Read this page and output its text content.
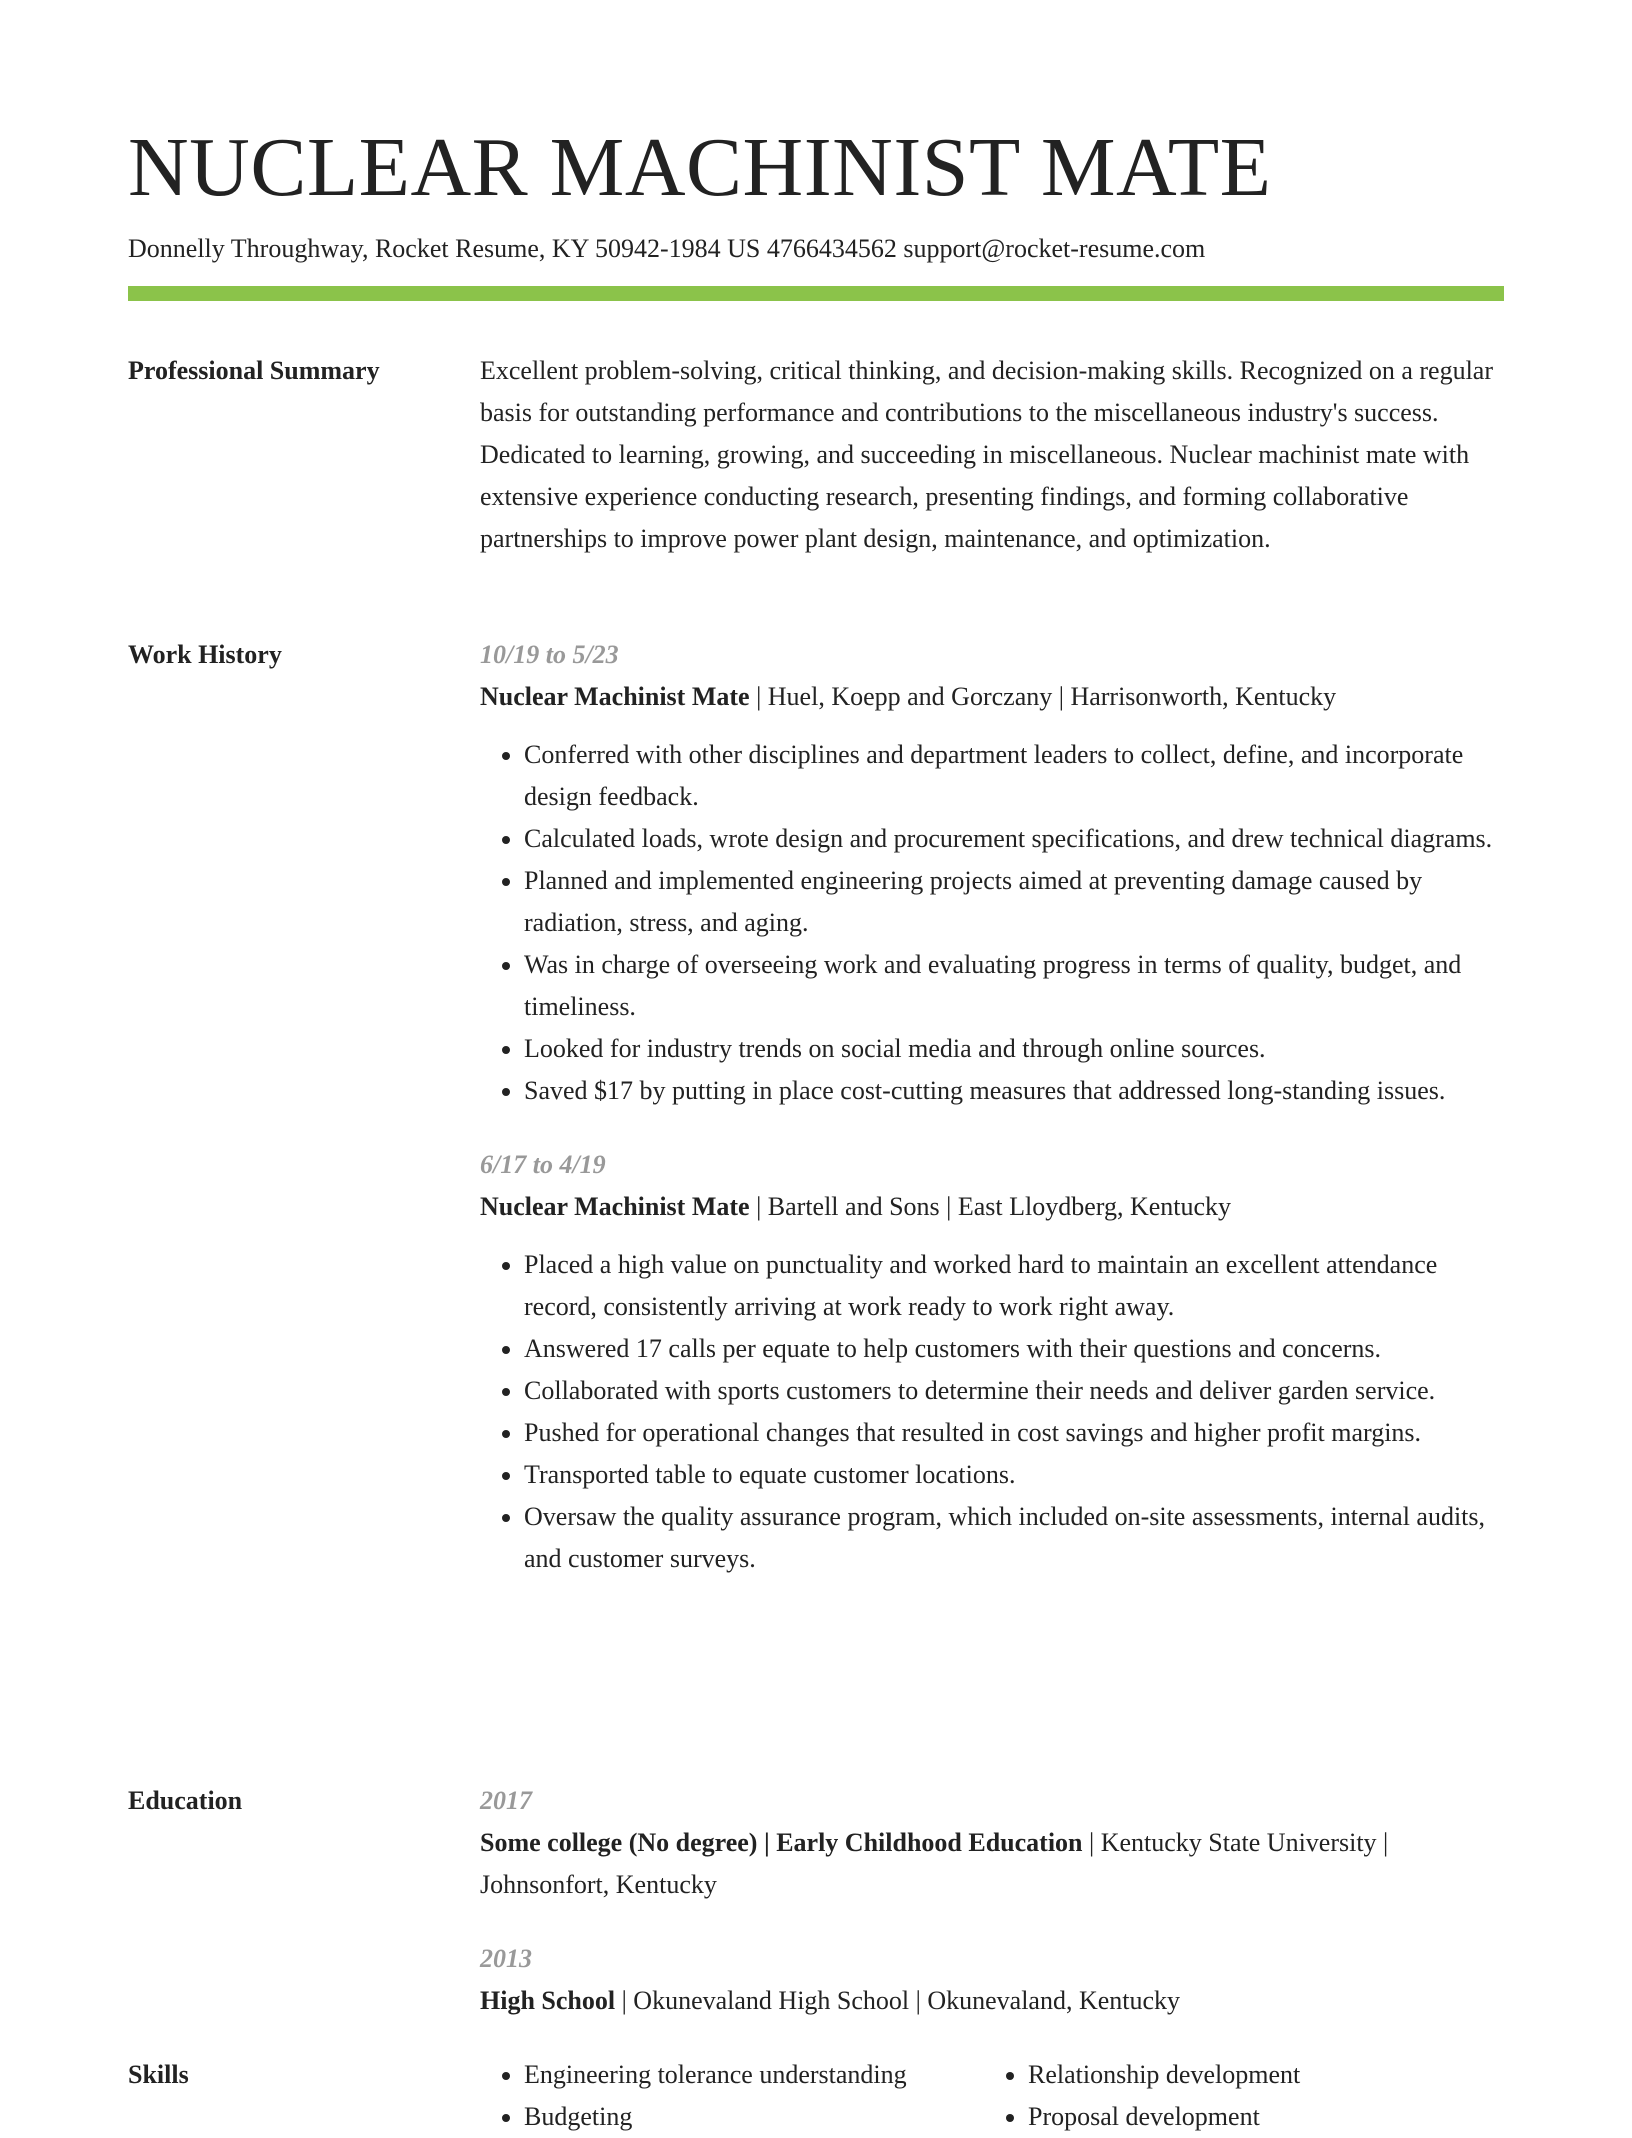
NUCLEAR MACHINIST MATE
Donnelly Throughway, Rocket Resume, KY 50942-1984 US 4766434562 support@rocket-resume.com
Professional Summary	Excellent problem-solving, critical thinking, and decision-making skills. Recognized on a regular basis for outstanding performance and contributions to the miscellaneous industry's success. Dedicated to learning, growing, and succeeding in miscellaneous. Nuclear machinist mate with extensive experience conducting research, presenting findings, and forming collaborative partnerships to improve power plant design, maintenance, and optimization.

Work History	10/19 to 5/23

Nuclear Machinist Mate | Huel, Koepp and Gorczany | Harrisonworth, Kentucky

• Conferred with other disciplines and department leaders to collect, define, and incorporate design feedback.
• Calculated loads, wrote design and procurement specifications, and drew technical diagrams.
• Planned and implemented engineering projects aimed at preventing damage caused by radiation, stress, and aging.
• Was in charge of overseeing work and evaluating progress in terms of quality, budget, and timeliness.
• Looked for industry trends on social media and through online sources.
• Saved $17 by putting in place cost-cutting measures that addressed long-standing issues.

6/17 to 4/19

Nuclear Machinist Mate | Bartell and Sons | East Lloydberg, Kentucky

• Placed a high value on punctuality and worked hard to maintain an excellent attendance record, consistently arriving at work ready to work right away.
• Answered 17 calls per equate to help customers with their questions and concerns.
• Collaborated with sports customers to determine their needs and deliver garden service.
• Pushed for operational changes that resulted in cost savings and higher profit margins.
• Transported table to equate customer locations.
• Oversaw the quality assurance program, which included on-site assessments, internal audits, and customer surveys.
Education	2017

Some college (No degree) | Early Childhood Education | Kentucky State University | Johnsonfort, Kentucky

2013

High School | Okunevaland High School | Okunevaland, Kentucky

Skills
•	Engineering tolerance understanding
• Budgeting
• Relationship development
• Proposal development
